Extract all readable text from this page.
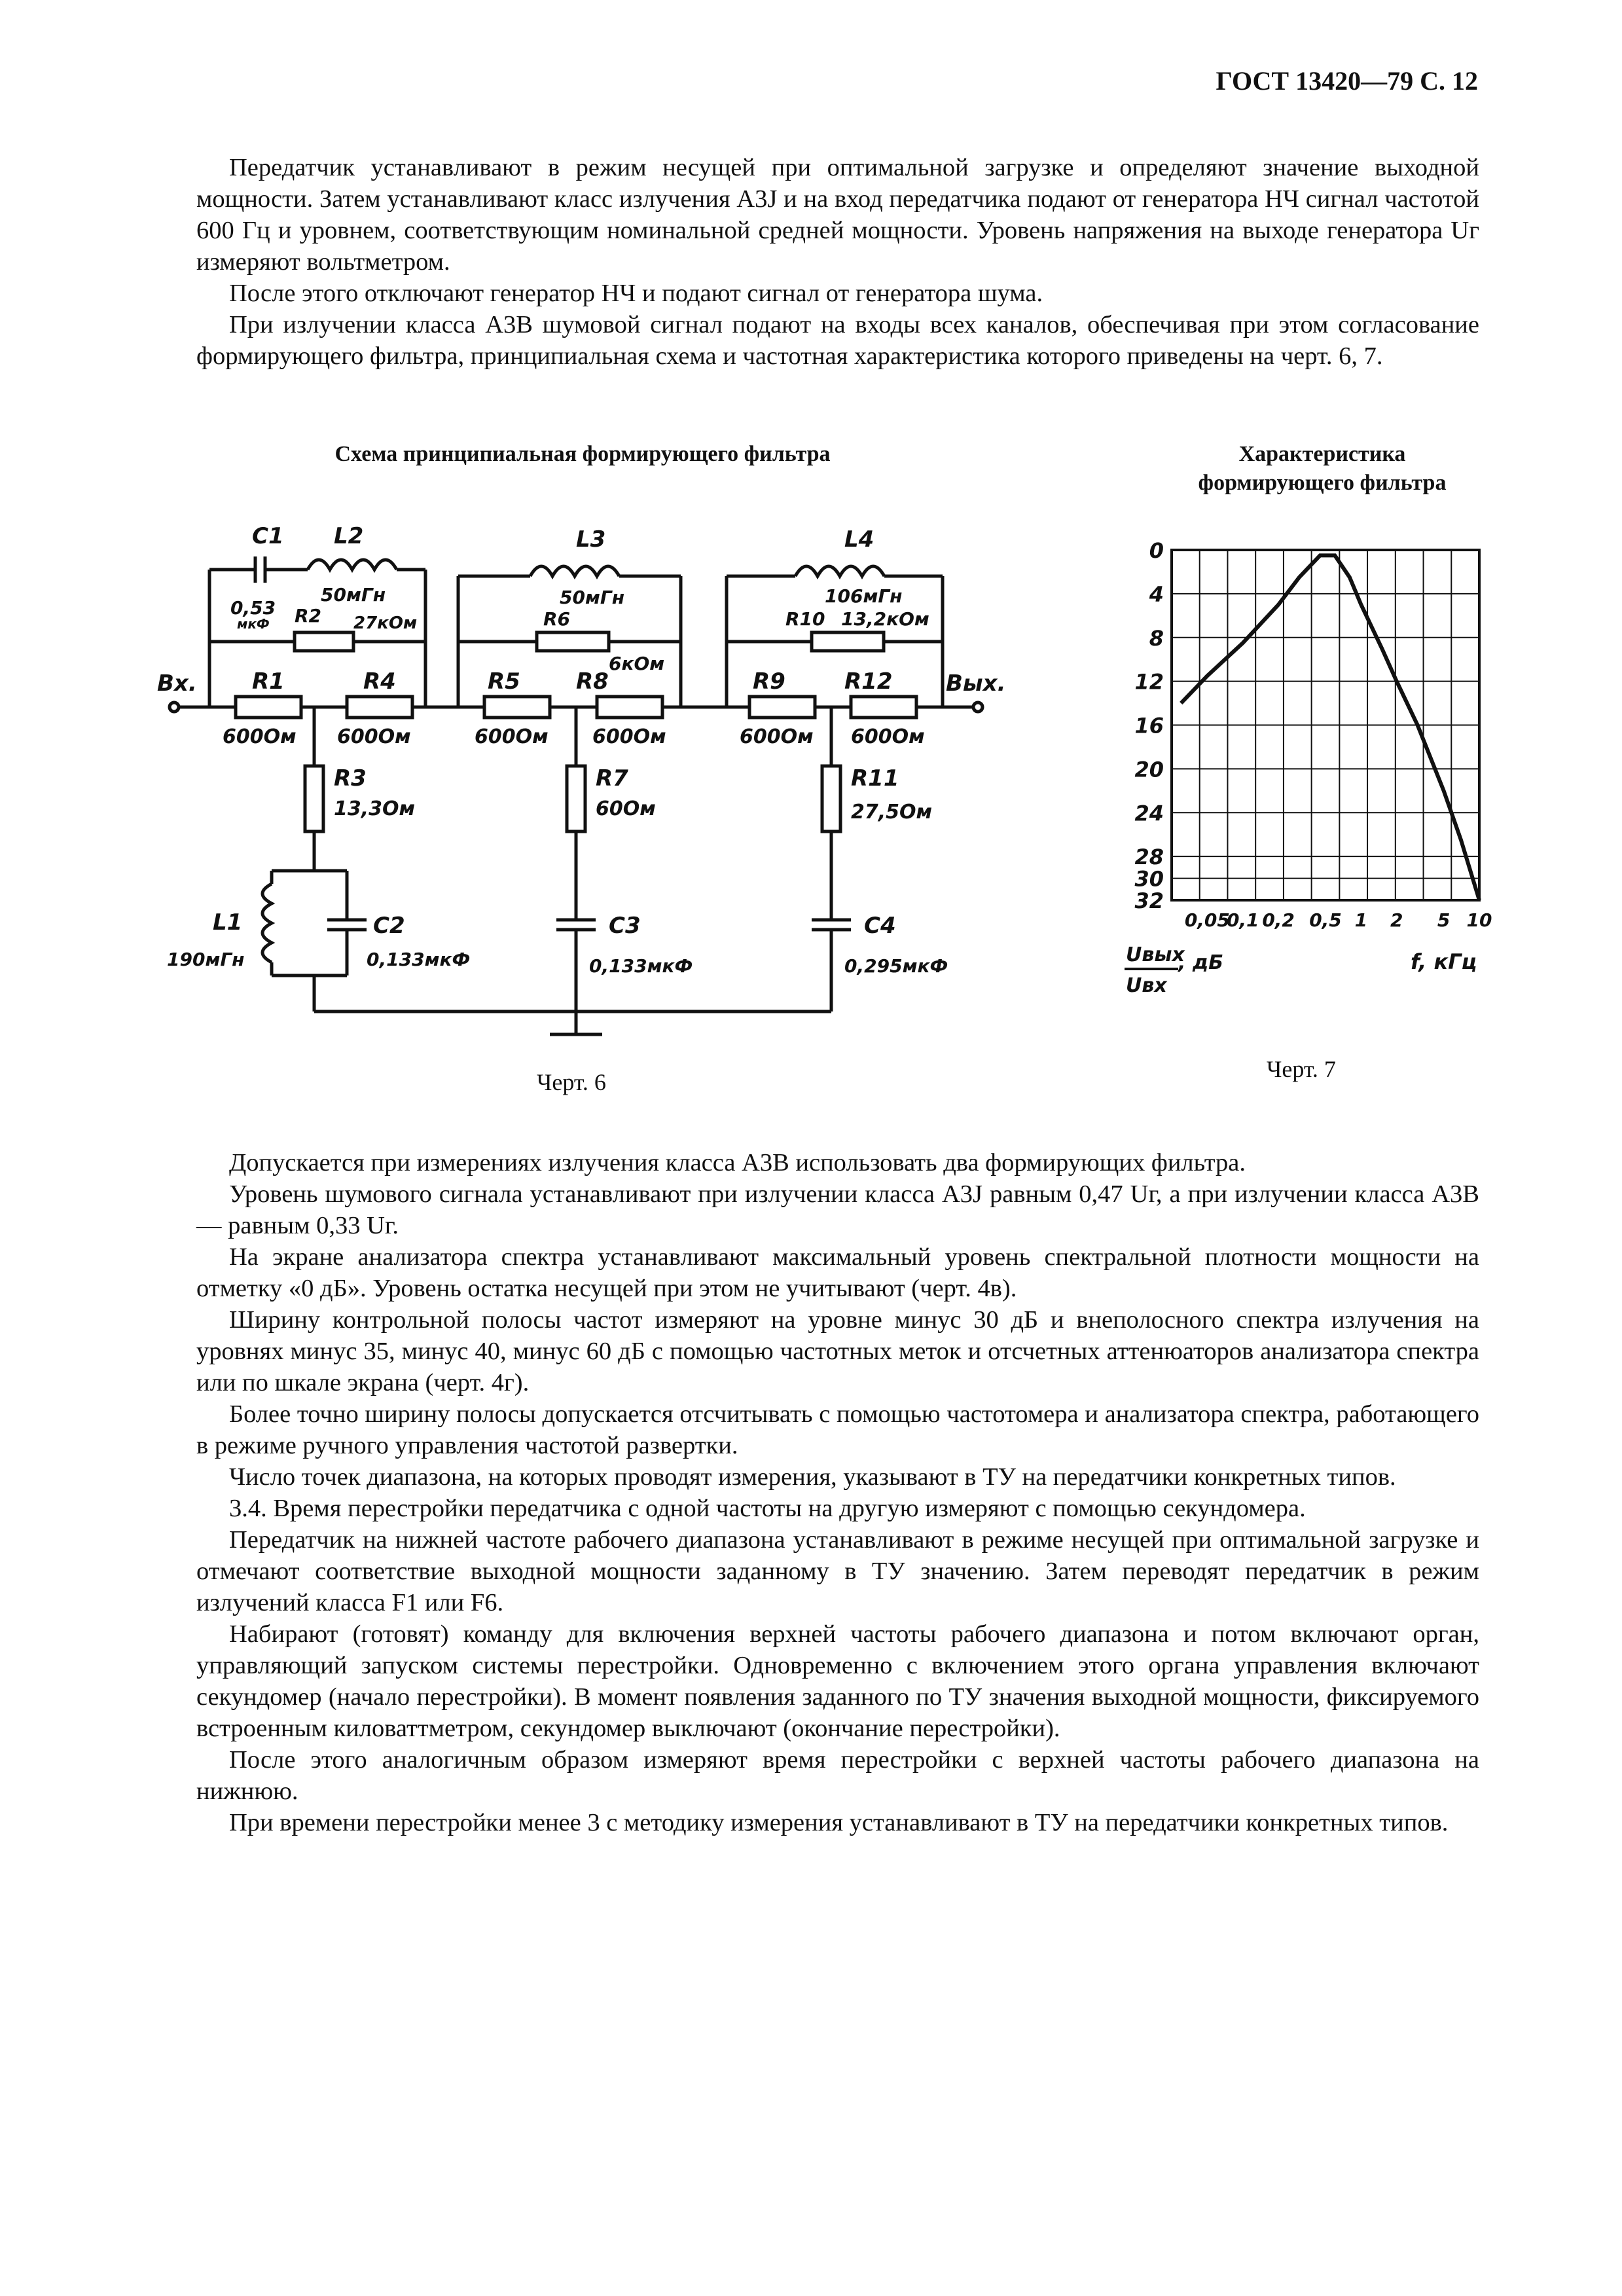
ГОСТ 13420—79 С. 12

Передатчик устанавливают в режим несущей при оптимальной загрузке и определяют значение выходной мощности. Затем устанавливают класс излучения A3J и на вход передатчика подают от генератора НЧ сигнал частотой 600 Гц и уровнем, соответствующим номинальной средней мощности. Уровень напряжения на выходе генератора Uг измеряют вольтметром.

После этого отключают генератор НЧ и подают сигнал от генератора шума.

При излучении класса A3B шумовой сигнал подают на входы всех каналов, обеспечивая при этом согласование формирующего фильтра, принципиальная схема и частотная характеристика которого приведены на черт. 6, 7.

Схема принципиальная формирующего фильтра	Характеристика
формирующего фильтра
C1
0,53
мкФ
L2
50мГн
R2 27кОм
L3
50мГн
R6
6кОм
L4
106мГн
R10 13,2кОм
Вх.	Вых.
R1
600Ом
R4
600Ом
R5
600Ом
R8
600Ом
R9
600Ом
R12
600Ом
R3
13,3Ом
R7
60Ом
R11
27,5Ом
L1
190мГн
C2
0,133мкФ
C3
0,133мкФ
C4
0,295мкФ
0
4
8
12
16
20
24
28
30
32
0,05
0,1 0,2 0,5 1 2 5 10
Uвых
Uвх
, дБ	f, кГц
Черт. 6	Черт. 7

Допускается при измерениях излучения класса A3B использовать два формирующих фильтра.

Уровень шумового сигнала устанавливают при излучении класса A3J равным 0,47 Uг, а при излучении класса A3B — равным 0,33 Uг.

На экране анализатора спектра устанавливают максимальный уровень спектральной плотности мощности на отметку «0 дБ». Уровень остатка несущей при этом не учитывают (черт. 4в).

Ширину контрольной полосы частот измеряют на уровне минус 30 дБ и внеполосного спектра излучения на уровнях минус 35, минус 40, минус 60 дБ с помощью частотных меток и отсчетных аттенюаторов анализатора спектра или по шкале экрана (черт. 4г).

Более точно ширину полосы допускается отсчитывать с помощью частотомера и анализатора спектра, работающего в режиме ручного управления частотой развертки.

Число точек диапазона, на которых проводят измерения, указывают в ТУ на передатчики конкретных типов.

3.4. Время перестройки передатчика с одной частоты на другую измеряют с помощью секундомера.

Передатчик на нижней частоте рабочего диапазона устанавливают в режиме несущей при оптимальной загрузке и отмечают соответствие выходной мощности заданному в ТУ значению. Затем переводят передатчик в режим излучений класса F1 или F6.

Набирают (готовят) команду для включения верхней частоты рабочего диапазона и потом включают орган, управляющий запуском системы перестройки. Одновременно с включением этого органа управления включают секундомер (начало перестройки). В момент появления заданного по ТУ значения выходной мощности, фиксируемого встроенным киловаттметром, секундомер выключают (окончание перестройки).

После этого аналогичным образом измеряют время перестройки с верхней частоты рабочего диапазона на нижнюю.

При времени перестройки менее 3 с методику измерения устанавливают в ТУ на передатчики конкретных типов.
